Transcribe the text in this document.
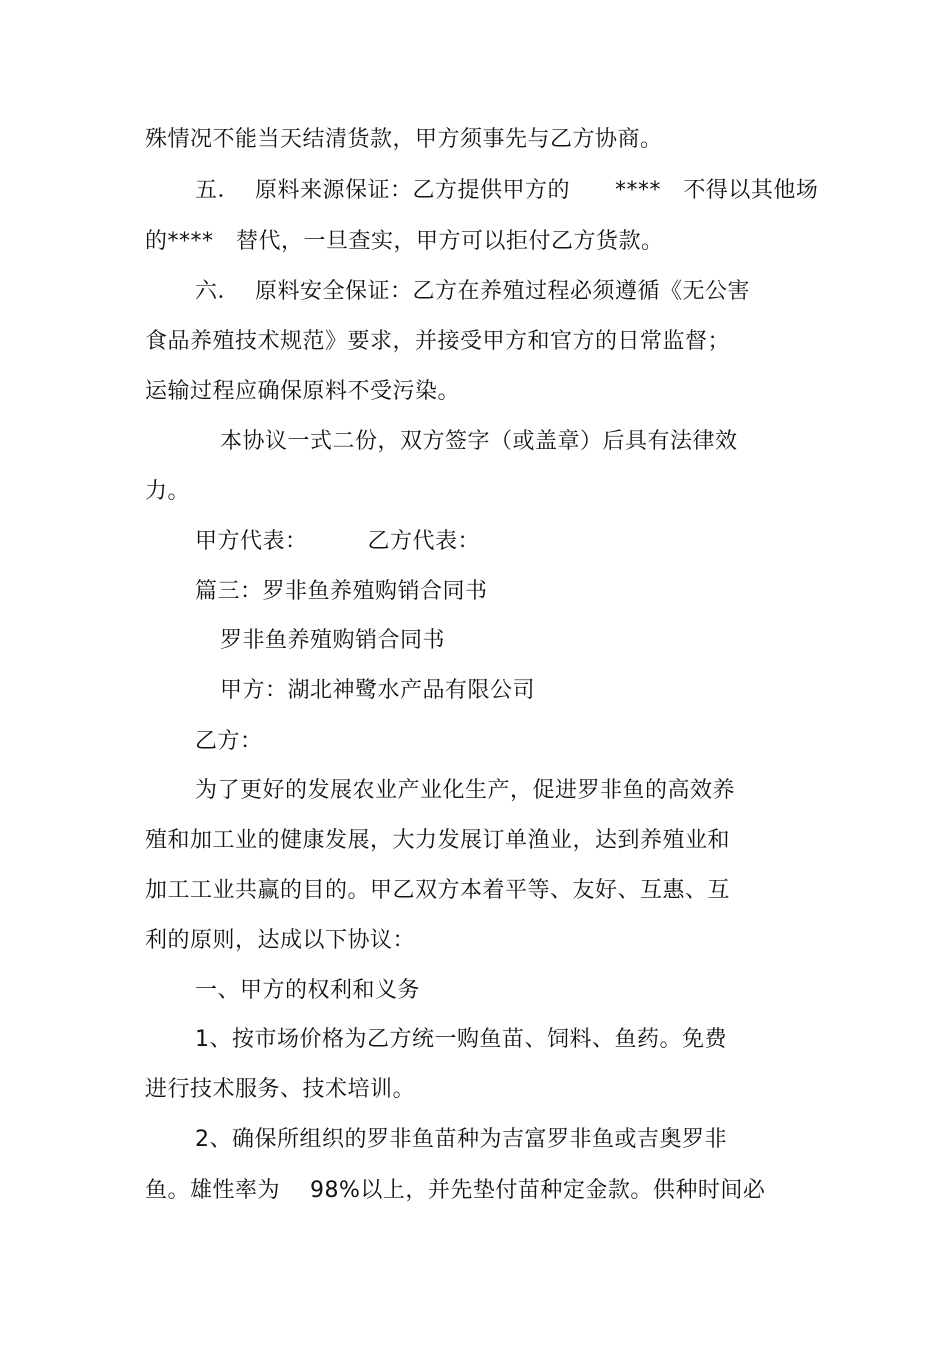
殊情况不能当天结清货款，甲方须事先与乙方协商。
五．  原料来源保证：乙方提供甲方的      ****   不得以其他场
的****   替代，一旦查实，甲方可以拒付乙方货款。
六．  原料安全保证：乙方在养殖过程必须遵循《无公害
食品养殖技术规范》要求，并接受甲方和官方的日常监督；
运输过程应确保原料不受污染。
本协议一式二份，双方签字（或盖章）后具有法律效
力。
甲方代表：        乙方代表：
篇三：罗非鱼养殖购销合同书
罗非鱼养殖购销合同书
甲方：湖北神鹭水产品有限公司
乙方：
为了更好的发展农业产业化生产，促进罗非鱼的高效养
殖和加工业的健康发展，大力发展订单渔业，达到养殖业和
加工工业共赢的目的。甲乙双方本着平等、友好、互惠、互
利的原则，达成以下协议：
一、甲方的权利和义务
1、按市场价格为乙方统一购鱼苗、饲料、鱼药。免费
进行技术服务、技术培训。
2、确保所组织的罗非鱼苗种为吉富罗非鱼或吉奥罗非
鱼。雄性率为    98%以上，并先垫付苗种定金款。供种时间必
